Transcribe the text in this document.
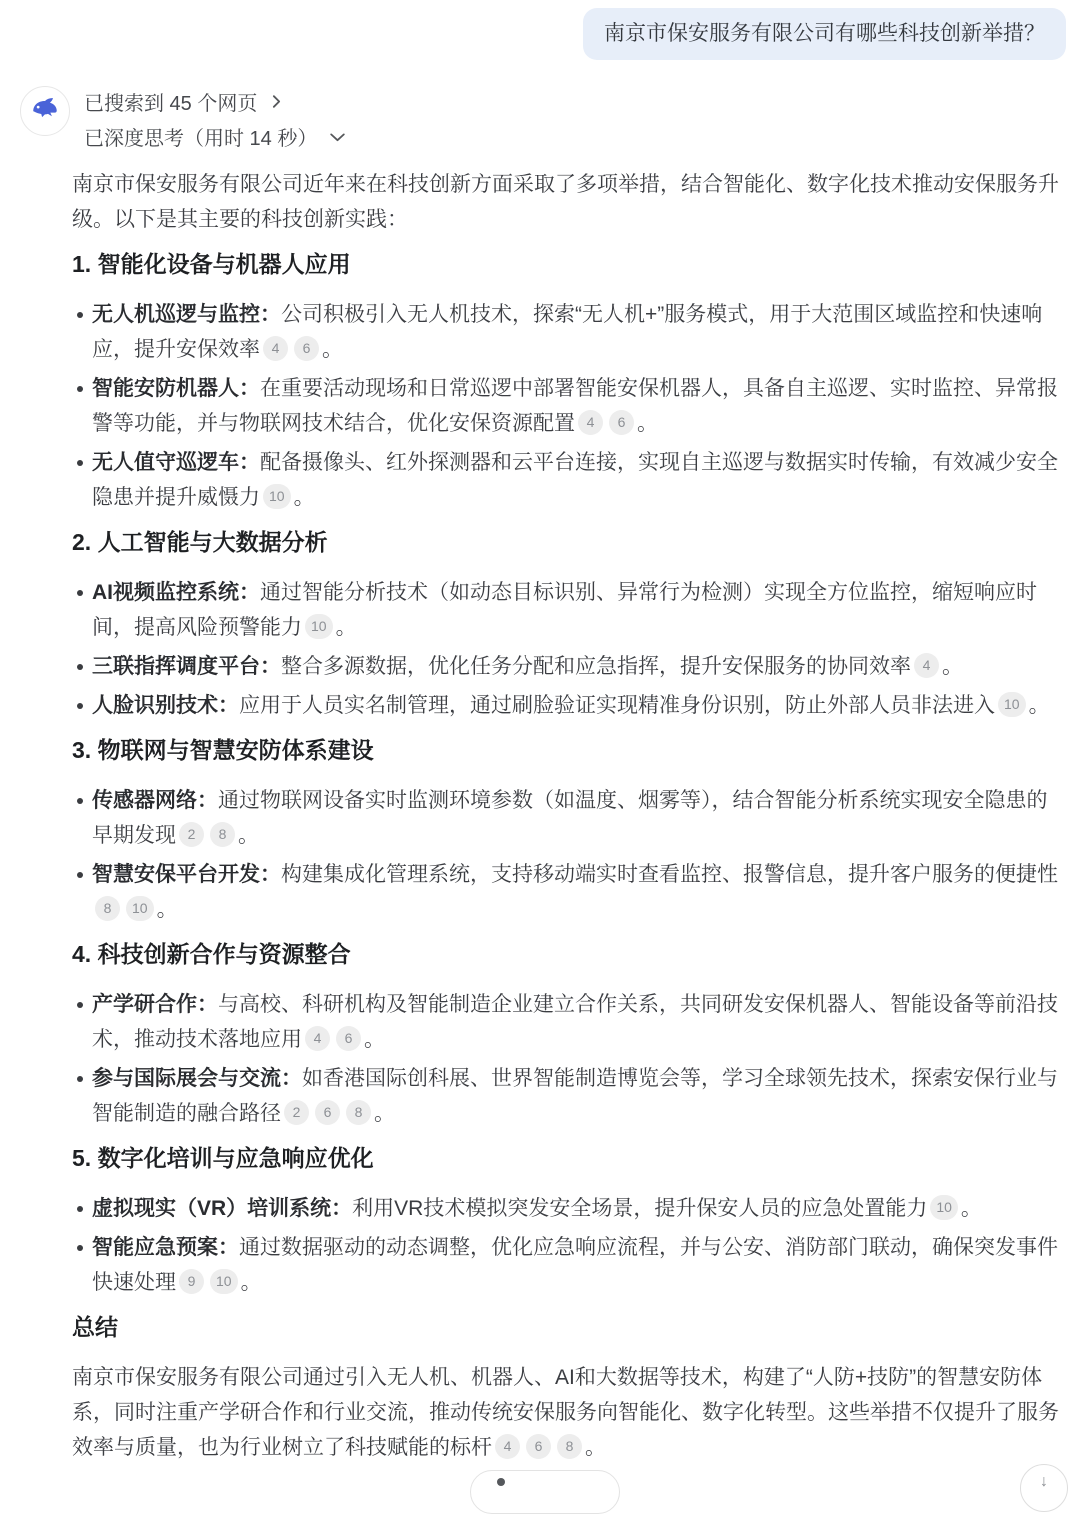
南京市保安服务有限公司有哪些科技创新举措？
已搜索到 45 个网页
已深度思考（用时 14 秒）

南京市保安服务有限公司近年来在科技创新方面采取了多项举措，结合智能化、数字化技术推动安保服务升级。以下是其主要的科技创新实践：

1. 智能化设备与机器人应用
无人机巡逻与监控：公司积极引入无人机技术，探索“无人机+”服务模式，用于大范围区域监控和快速响应，提升安保效率 4 6 。
智能安防机器人：在重要活动现场和日常巡逻中部署智能安保机器人，具备自主巡逻、实时监控、异常报警等功能，并与物联网技术结合，优化安保资源配置 4 6 。
无人值守巡逻车：配备摄像头、红外探测器和云平台连接，实现自主巡逻与数据实时传输，有效减少安全隐患并提升威慑力 10 。
2. 人工智能与大数据分析
AI视频监控系统：通过智能分析技术（如动态目标识别、异常行为检测）实现全方位监控，缩短响应时间，提高风险预警能力 10 。
三联指挥调度平台：整合多源数据，优化任务分配和应急指挥，提升安保服务的协同效率 4 。
人脸识别技术：应用于人员实名制管理，通过刷脸验证实现精准身份识别，防止外部人员非法进入 10 。
3. 物联网与智慧安防体系建设
传感器网络：通过物联网设备实时监测环境参数（如温度、烟雾等），结合智能分析系统实现安全隐患的早期发现 2 8 。
智慧安保平台开发：构建集成化管理系统，支持移动端实时查看监控、报警信息，提升客户服务的便捷性8 10 。
4. 科技创新合作与资源整合
产学研合作：与高校、科研机构及智能制造企业建立合作关系，共同研发安保机器人、智能设备等前沿技术，推动技术落地应用 4 6 。
参与国际展会与交流：如香港国际创科展、世界智能制造博览会等，学习全球领先技术，探索安保行业与智能制造的融合路径 2 6 8 。
5. 数字化培训与应急响应优化
虚拟现实（VR）培训系统：利用VR技术模拟突发安全场景，提升保安人员的应急处置能力 10 。
智能应急预案：通过数据驱动的动态调整，优化应急响应流程，并与公安、消防部门联动，确保突发事件快速处理 9 10 。
总结

南京市保安服务有限公司通过引入无人机、机器人、AI和大数据等技术，构建了“人防+技防”的智慧安防体系，同时注重产学研合作和行业交流，推动传统安保服务向智能化、数字化转型。这些举措不仅提升了服务效率与质量，也为行业树立了科技赋能的标杆 4 6 8 。

↓
